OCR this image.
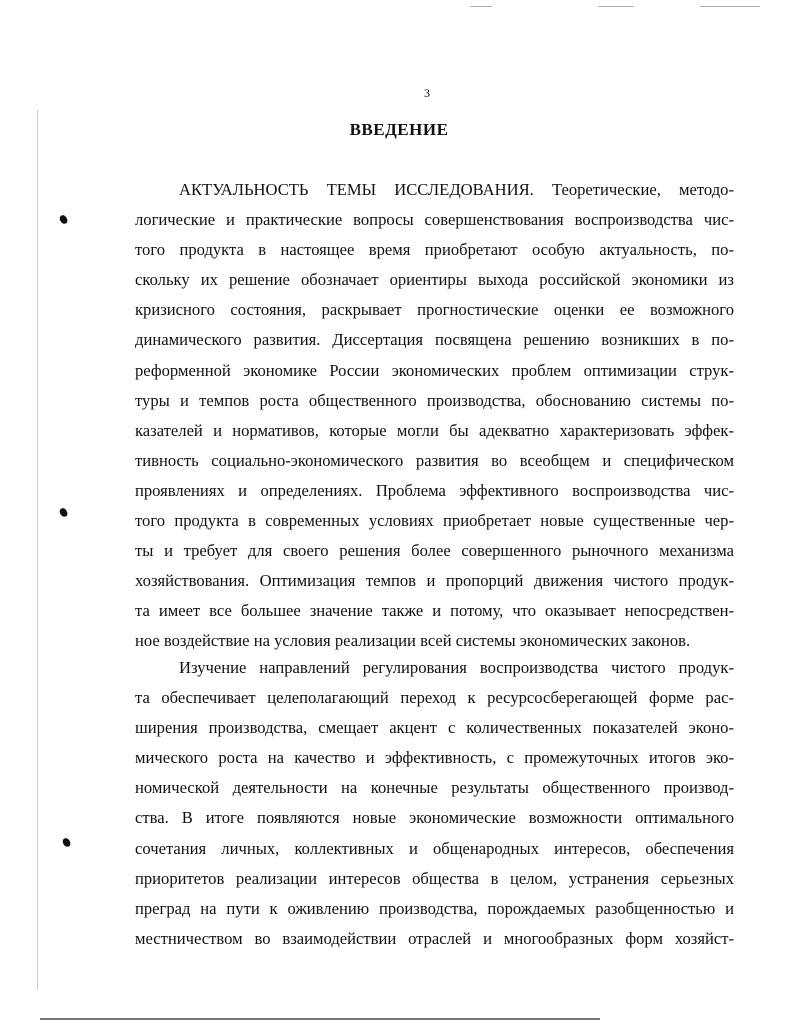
3
ВВЕДЕНИЕ

АКТУАЛЬНОСТЬ ТЕМЫ ИССЛЕДОВАНИЯ. Теоретические, методо-

логические и практические вопросы совершенствования воспроизводства чис-

того продукта в настоящее время приобретают особую актуальность, по-

скольку их решение обозначает ориентиры выхода российской экономики из

кризисного состояния, раскрывает прогностические оценки ее возможного

динамического развития. Диссертация посвящена решению возникших в по-

реформенной экономике России экономических проблем оптимизации струк-

туры и темпов роста общественного производства, обоснованию системы по-

казателей и нормативов, которые могли бы адекватно характеризовать эффек-

тивность социально-экономического развития во всеобщем и специфическом

проявлениях и определениях. Проблема эффективного воспроизводства чис-

того продукта в современных условиях приобретает новые существенные чер-

ты и требует для своего решения более совершенного рыночного механизма

хозяйствования. Оптимизация темпов и пропорций движения чистого продук-

та имеет все большее значение также и потому, что оказывает непосредствен-

ное воздействие на условия реализации всей системы экономических законов.

Изучение направлений регулирования воспроизводства чистого продук-

та обеспечивает целеполагающий переход к ресурсосберегающей форме рас-

ширения производства, смещает акцент с количественных показателей эконо-

мического роста на качество и эффективность, с промежуточных итогов эко-

номической деятельности на конечные результаты общественного производ-

ства. В итоге появляются новые экономические возможности оптимального

сочетания личных, коллективных и общенародных интересов, обеспечения

приоритетов реализации интересов общества в целом, устранения серьезных

преград на пути к оживлению производства, порождаемых разобщенностью и

местничеством во взаимодействии отраслей и многообразных форм хозяйст-
